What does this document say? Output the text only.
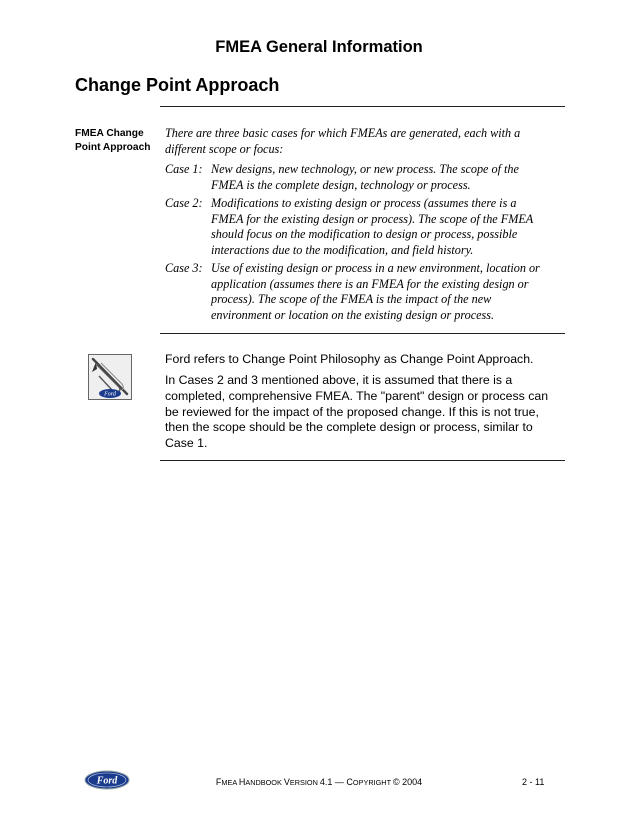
FMEA General Information
Change Point Approach
FMEA Change
Point Approach
There are three basic cases for which FMEAs are generated, each with a
different scope or focus:
Case 1: New designs, new technology, or new process. The scope of the
FMEA is the complete design, technology or process.
Case 2: Modifications to existing design or process (assumes there is a
FMEA for the existing design or process). The scope of the FMEA
should focus on the modification to design or process, possible
interactions due to the modification, and field history.
Case 3: Use of existing design or process in a new environment, location or
application (assumes there is an FMEA for the existing design or
process). The scope of the FMEA is the impact of the new
environment or location on the existing design or process.
Ford
Ford refers to Change Point Philosophy as Change Point Approach.
In Cases 2 and 3 mentioned above, it is assumed that there is a
completed, comprehensive FMEA. The "parent" design or process can
be reviewed for the impact of the proposed change. If this is not true,
then the scope should be the complete design or process, similar to
Case 1.
Ford	FMEA HANDBOOK VERSION 4.1 — COPYRIGHT © 2004	2 - 11
